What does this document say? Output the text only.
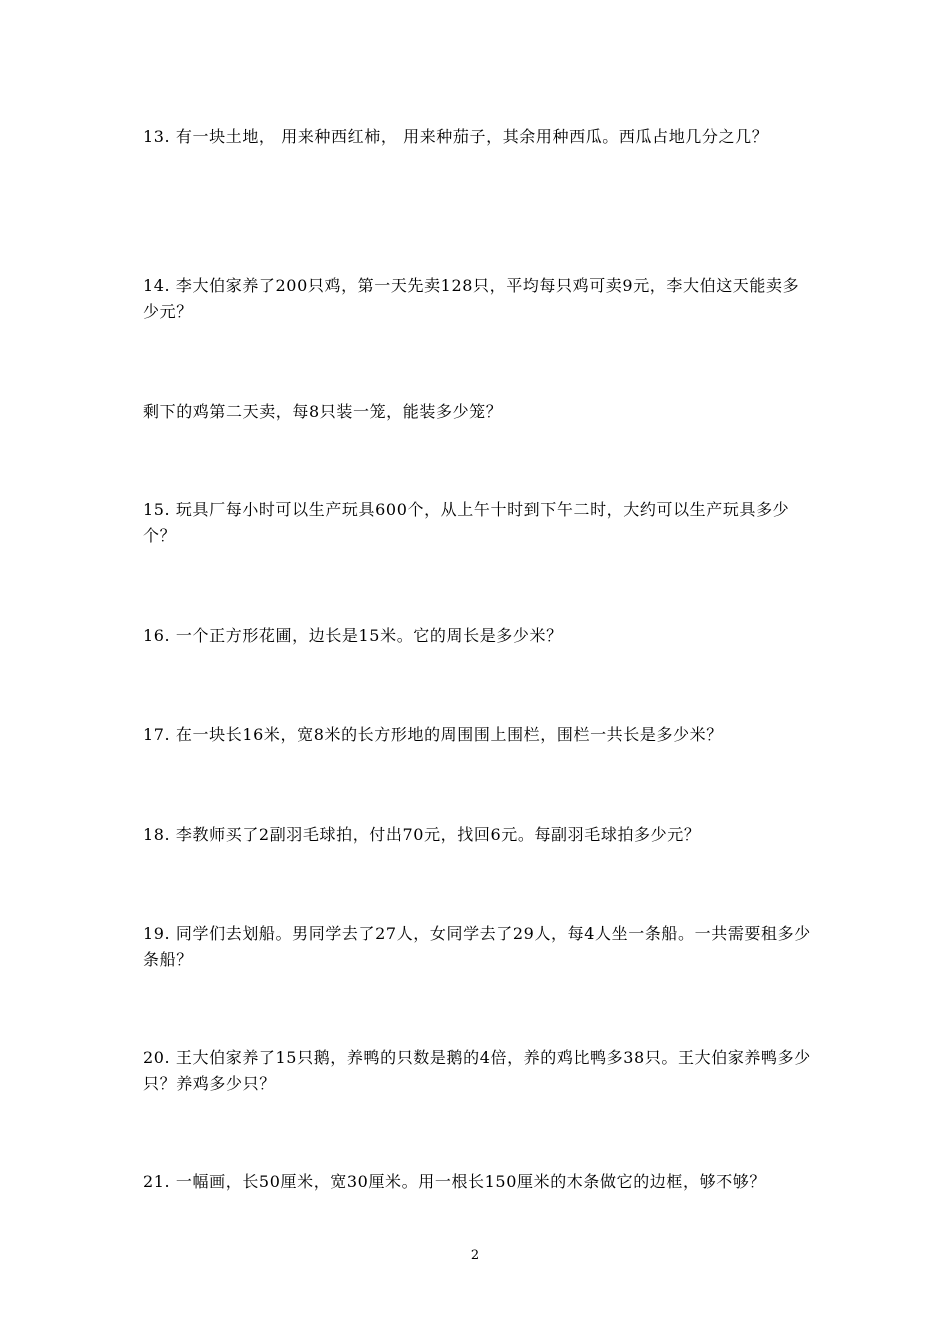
13. 有一块土地， 用来种西红柿， 用来种茄子，其余用种西瓜。西瓜占地几分之几？
14. 李大伯家养了200只鸡，第一天先卖128只，平均每只鸡可卖9元，李大伯这天能卖多少元？
剩下的鸡第二天卖，每8只装一笼，能装多少笼？
15. 玩具厂每小时可以生产玩具600个，从上午十时到下午二时，大约可以生产玩具多少个？
16. 一个正方形花圃，边长是15米。它的周长是多少米？
17. 在一块长16米，宽8米的长方形地的周围围上围栏，围栏一共长是多少米？
18. 李教师买了2副羽毛球拍，付出70元，找回6元。每副羽毛球拍多少元？
19. 同学们去划船。男同学去了27人，女同学去了29人，每4人坐一条船。一共需要租多少条船？
20. 王大伯家养了15只鹅，养鸭的只数是鹅的4倍，养的鸡比鸭多38只。王大伯家养鸭多少只？养鸡多少只？
21. 一幅画，长50厘米，宽30厘米。用一根长150厘米的木条做它的边框，够不够？
2
